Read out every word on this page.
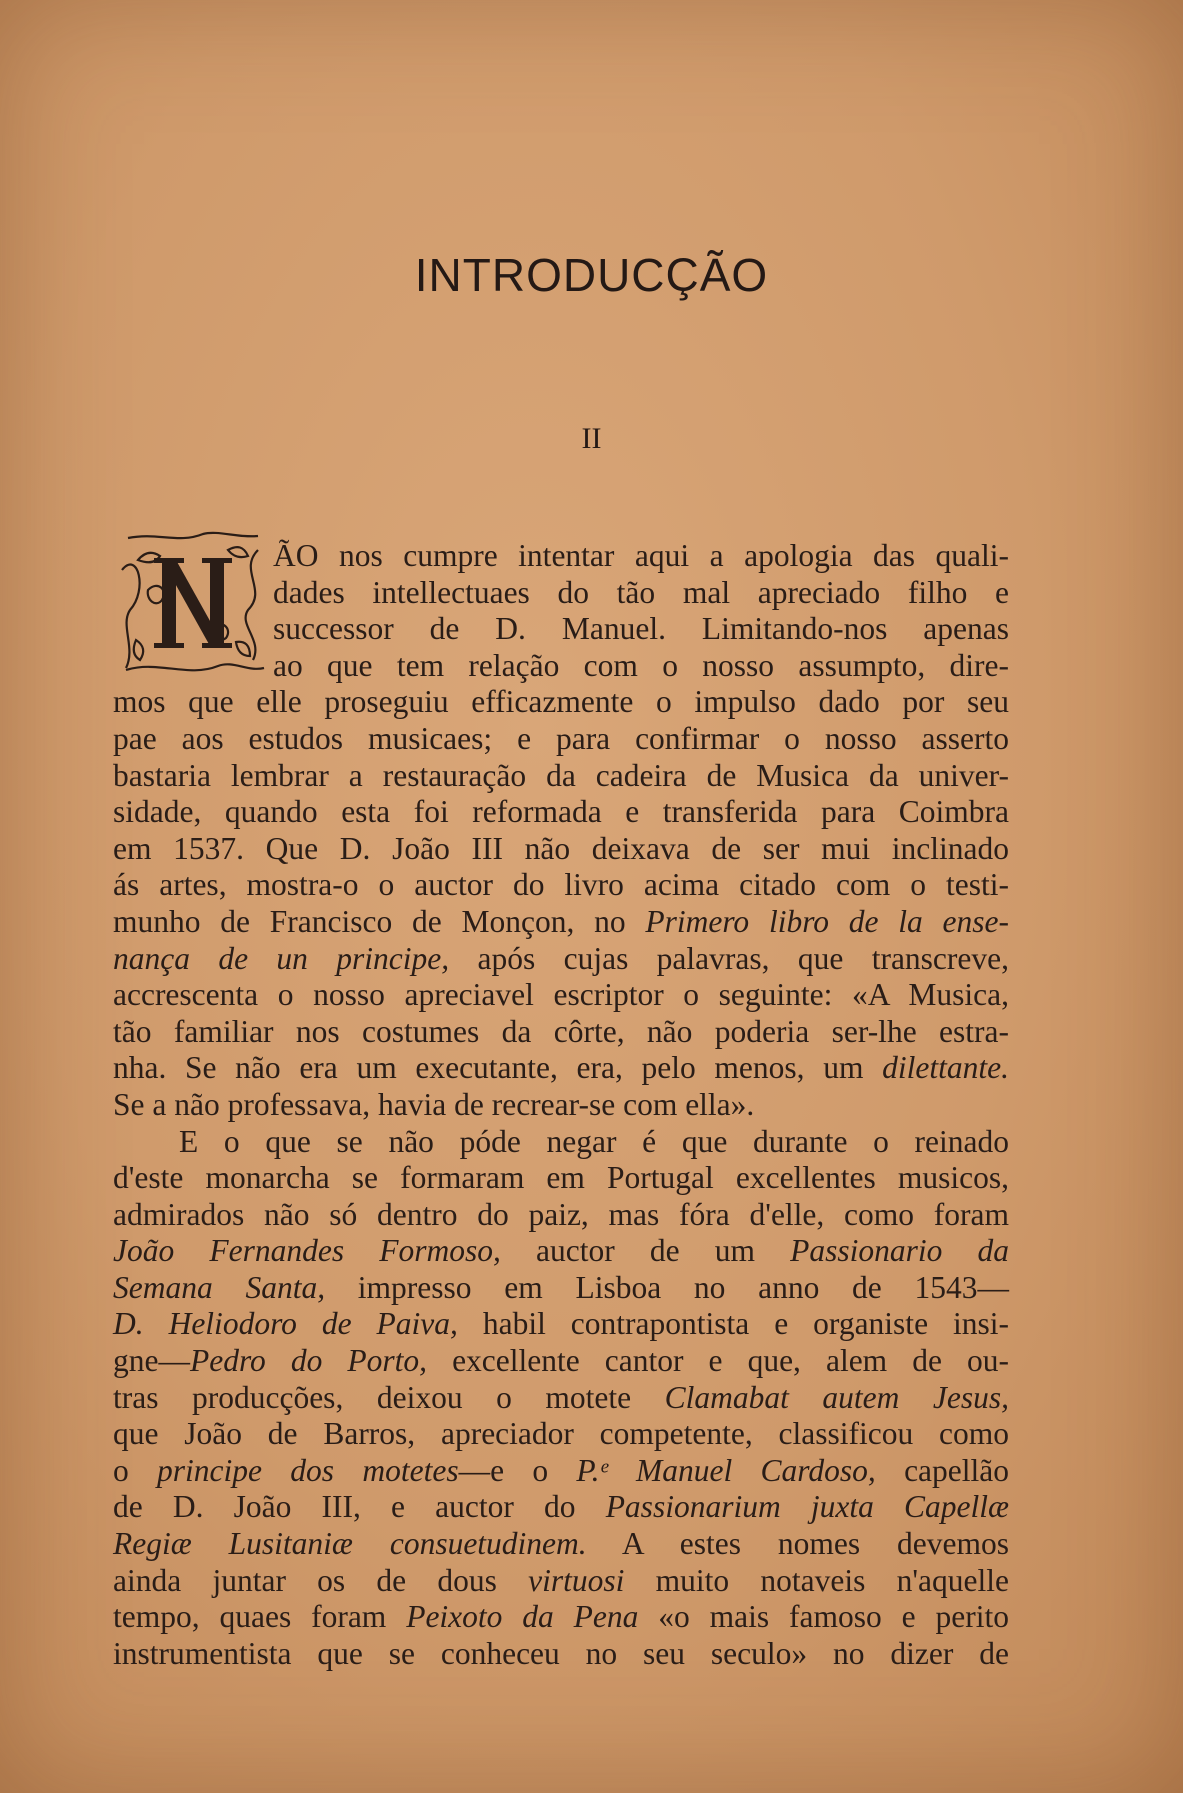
INTRODUCÇÃO
II
ÃO nos cumpre intentar aqui a apologia das quali-
dades intellectuaes do tão mal apreciado filho e
successor de D. Manuel. Limitando-nos apenas
ao que tem relação com o nosso assumpto, dire-
mos que elle proseguiu efficazmente o impulso dado por seu
pae aos estudos musicaes; e para confirmar o nosso asserto
bastaria lembrar a restauração da cadeira de Musica da univer-
sidade, quando esta foi reformada e transferida para Coimbra
em 1537. Que D. João III não deixava de ser mui inclinado
ás artes, mostra-o o auctor do livro acima citado com o testi-
munho de Francisco de Monçon, no Primero libro de la ense-
nança de un principe, após cujas palavras, que transcreve,
accrescenta o nosso apreciavel escriptor o seguinte: «A Musica,
tão familiar nos costumes da côrte, não poderia ser-lhe estra-
nha. Se não era um executante, era, pelo menos, um dilettante.
Se a não professava, havia de recrear-se com ella».
E o que se não póde negar é que durante o reinado
d'este monarcha se formaram em Portugal excellentes musicos,
admirados não só dentro do paiz, mas fóra d'elle, como foram
João Fernandes Formoso, auctor de um Passionario da
Semana Santa, impresso em Lisboa no anno de 1543—
D. Heliodoro de Paiva, habil contrapontista e organiste insi-
gne—Pedro do Porto, excellente cantor e que, alem de ou-
tras producções, deixou o motete Clamabat autem Jesus,
que João de Barros, apreciador competente, classificou como
o principe dos motetes—e o P.ᵉ Manuel Cardoso, capellão
de D. João III, e auctor do Passionarium juxta Capellæ
Regiæ Lusitaniæ consuetudinem. A estes nomes devemos
ainda juntar os de dous virtuosi muito notaveis n'aquelle
tempo, quaes foram Peixoto da Pena «o mais famoso e perito
instrumentista que se conheceu no seu seculo» no dizer de
